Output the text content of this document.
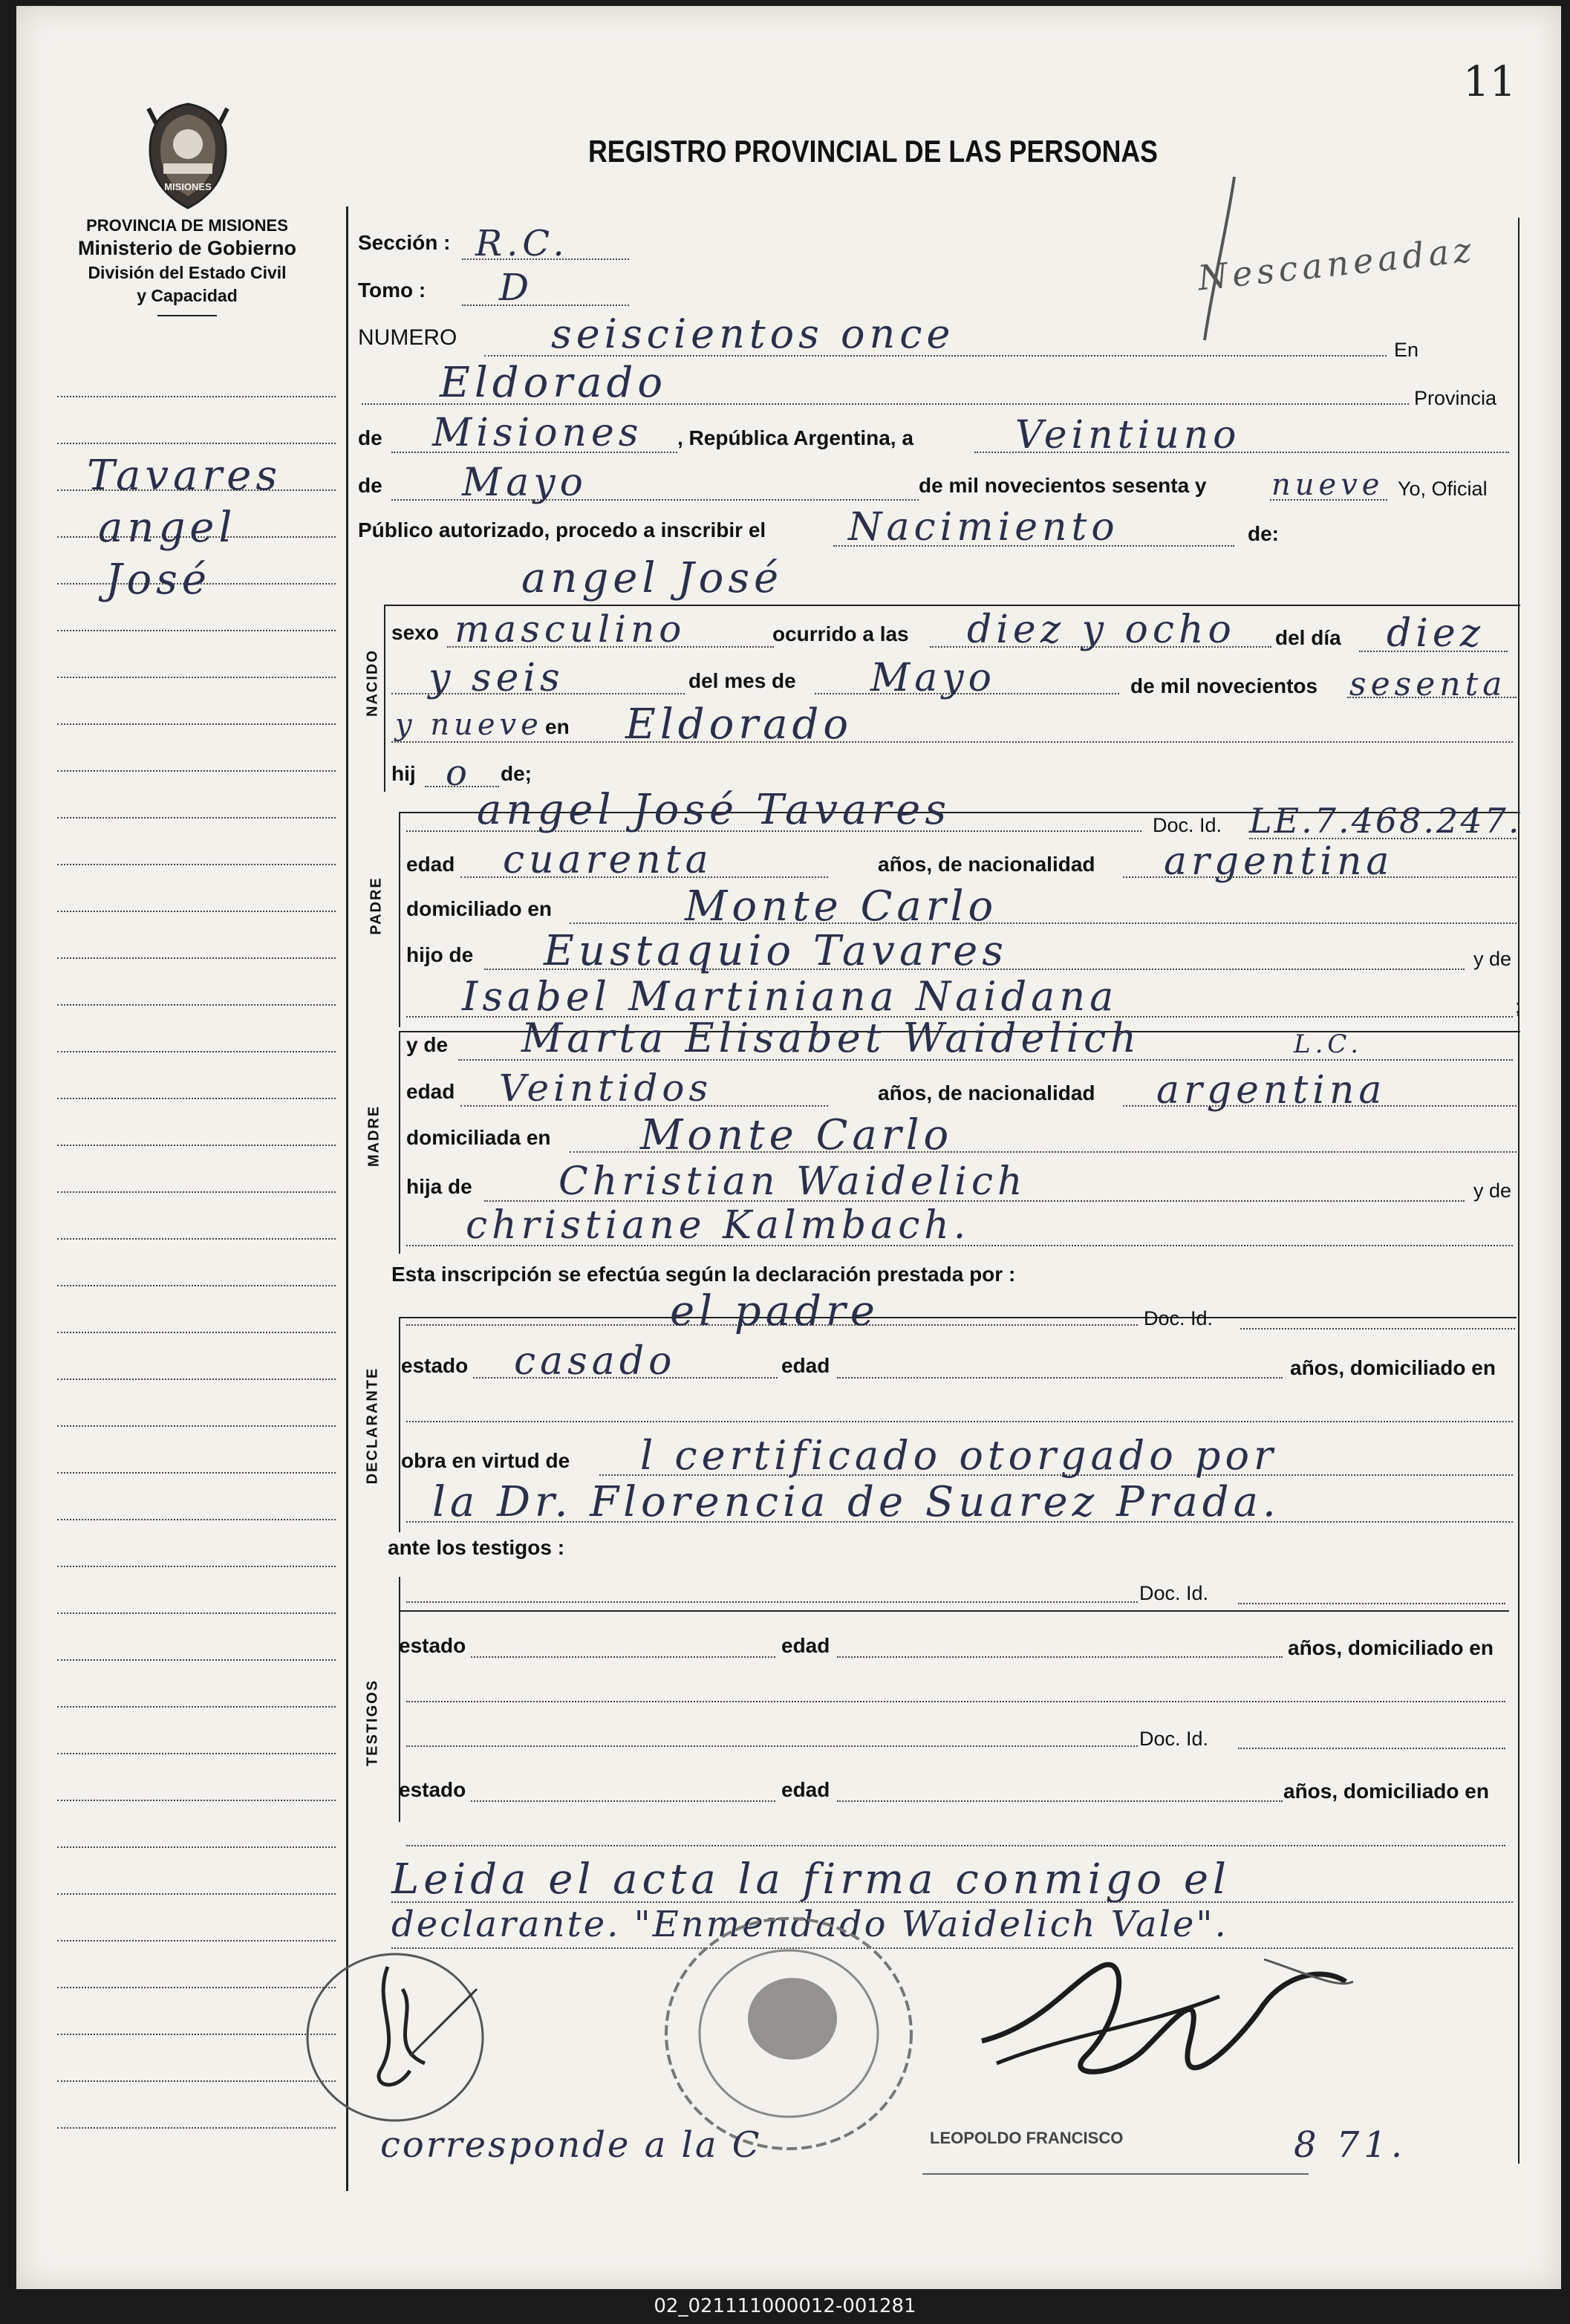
11
MISIONES
PROVINCIA DE MISIONES
Ministerio de Gobierno
División del Estado Civil
y Capacidad
REGISTRO PROVINCIAL DE LAS PERSONAS
Nescaneadaz
Tavares
angel
José
Sección : R.C.
Tomo : D
NUMERO seiscientos once	En
Eldorado	Provincia
de Misiones , República Argentina, a	Veintiuno
de Mayo	de mil novecientos sesenta y nueve Yo, Oficial
Público autorizado, procedo a inscribir el Nacimiento	de:
angel José
NACIDO
sexo masculino	ocurrido a las diez y ocho del día diez
y seis	del mes de Mayo	de mil novecientos sesenta
y nueve en Eldorado
hij o de;
PADRE
angel José Tavares	Doc. Id. LE.7.468.247.
edad cuarenta	años, de nacionalidad argentina
domiciliado en	Monte Carlo
hijo de Eustaquio Tavares	y de
Isabel Martiniana Naidana	;
MADRE
y de Marta Elisabet Waidelich	L.C.
edad Veintidos	años, de nacionalidad argentina
domiciliada en Monte Carlo
hija de Christian Waidelich	y de
christiane Kalmbach.
Esta inscripción se efectúa según la declaración prestada por :
DECLARANTE
el padre	Doc. Id.
estado casado	edad	años, domiciliado en
obra en virtud de l certificado otorgado por
la Dr. Florencia de Suarez Prada.
ante los testigos :
TESTIGOS
Doc. Id.
estado	edad	años, domiciliado en
Doc. Id.
estado	edad	años, domiciliado en
Leida el acta la firma conmigo el
declarante. "Enmendado Waidelich Vale".
corresponde a la C	LEOPOLDO FRANCISCO	8 71.
02_021111000012-001281
